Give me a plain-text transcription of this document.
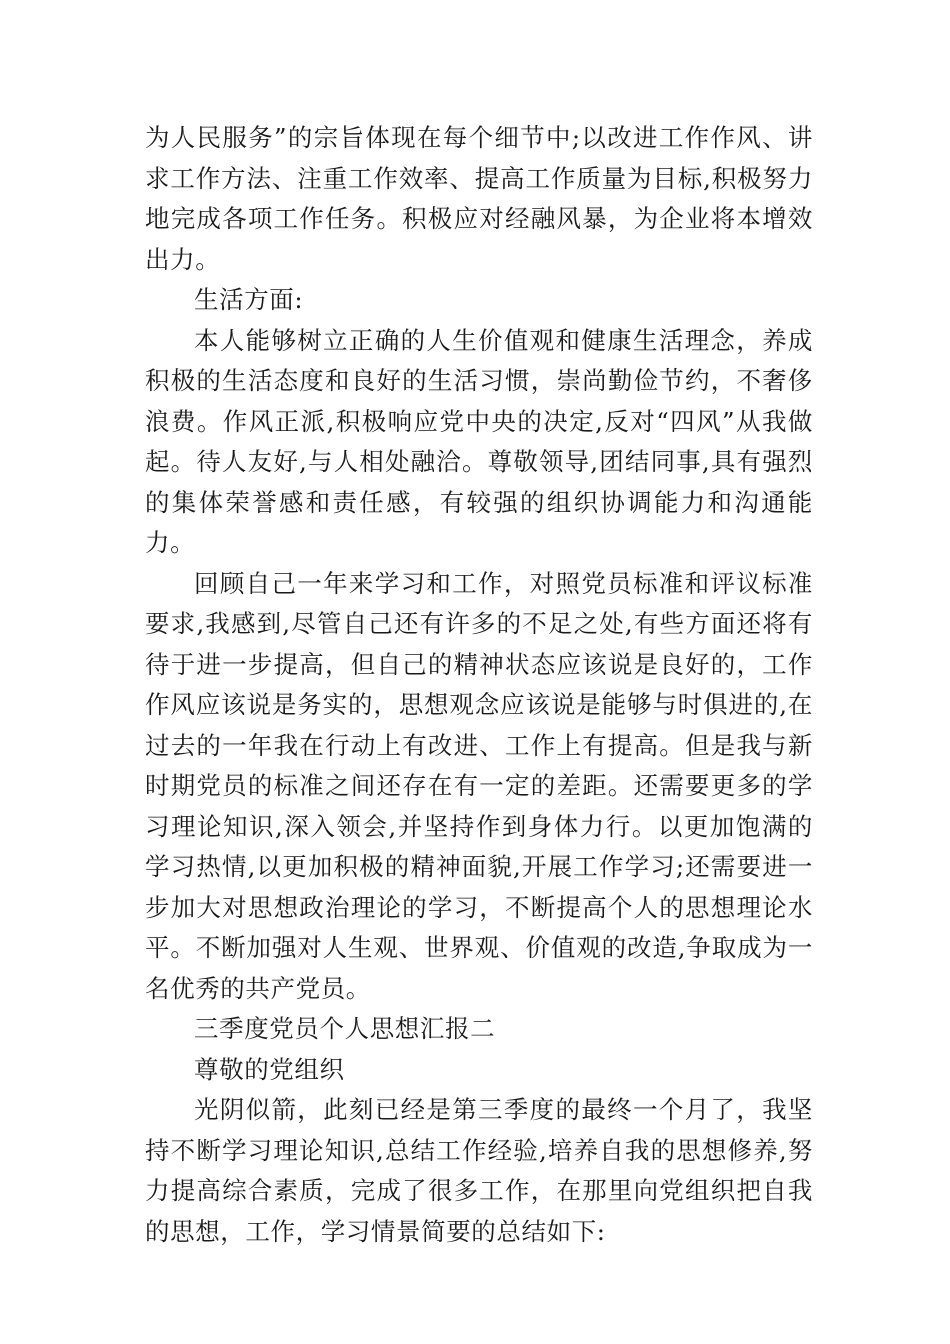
为人民服务”的宗旨体现在每个细节中;以改进工作作风、讲求工作方法、注重工作效率、提高工作质量为目标,积极努力地完成各项工作任务。积极应对经融风暴，为企业将本增效出力。

生活方面:

本人能够树立正确的人生价值观和健康生活理念，养成积极的生活态度和良好的生活习惯，崇尚勤俭节约，不奢侈浪费。作风正派,积极响应党中央的决定,反对“四风”从我做起。待人友好,与人相处融洽。尊敬领导,团结同事,具有强烈的集体荣誉感和责任感，有较强的组织协调能力和沟通能力。

回顾自己一年来学习和工作，对照党员标准和评议标准要求,我感到,尽管自己还有许多的不足之处,有些方面还将有待于进一步提高，但自己的精神状态应该说是良好的，工作作风应该说是务实的，思想观念应该说是能够与时俱进的,在过去的一年我在行动上有改进、工作上有提高。但是我与新时期党员的标准之间还存在有一定的差距。还需要更多的学习理论知识,深入领会,并坚持作到身体力行。以更加饱满的学习热情,以更加积极的精神面貌,开展工作学习;还需要进一步加大对思想政治理论的学习，不断提高个人的思想理论水平。不断加强对人生观、世界观、价值观的改造,争取成为一名优秀的共产党员。

三季度党员个人思想汇报二

尊敬的党组织

光阴似箭，此刻已经是第三季度的最终一个月了，我坚持不断学习理论知识,总结工作经验,培养自我的思想修养,努力提高综合素质，完成了很多工作，在那里向党组织把自我的思想，工作，学习情景简要的总结如下:
